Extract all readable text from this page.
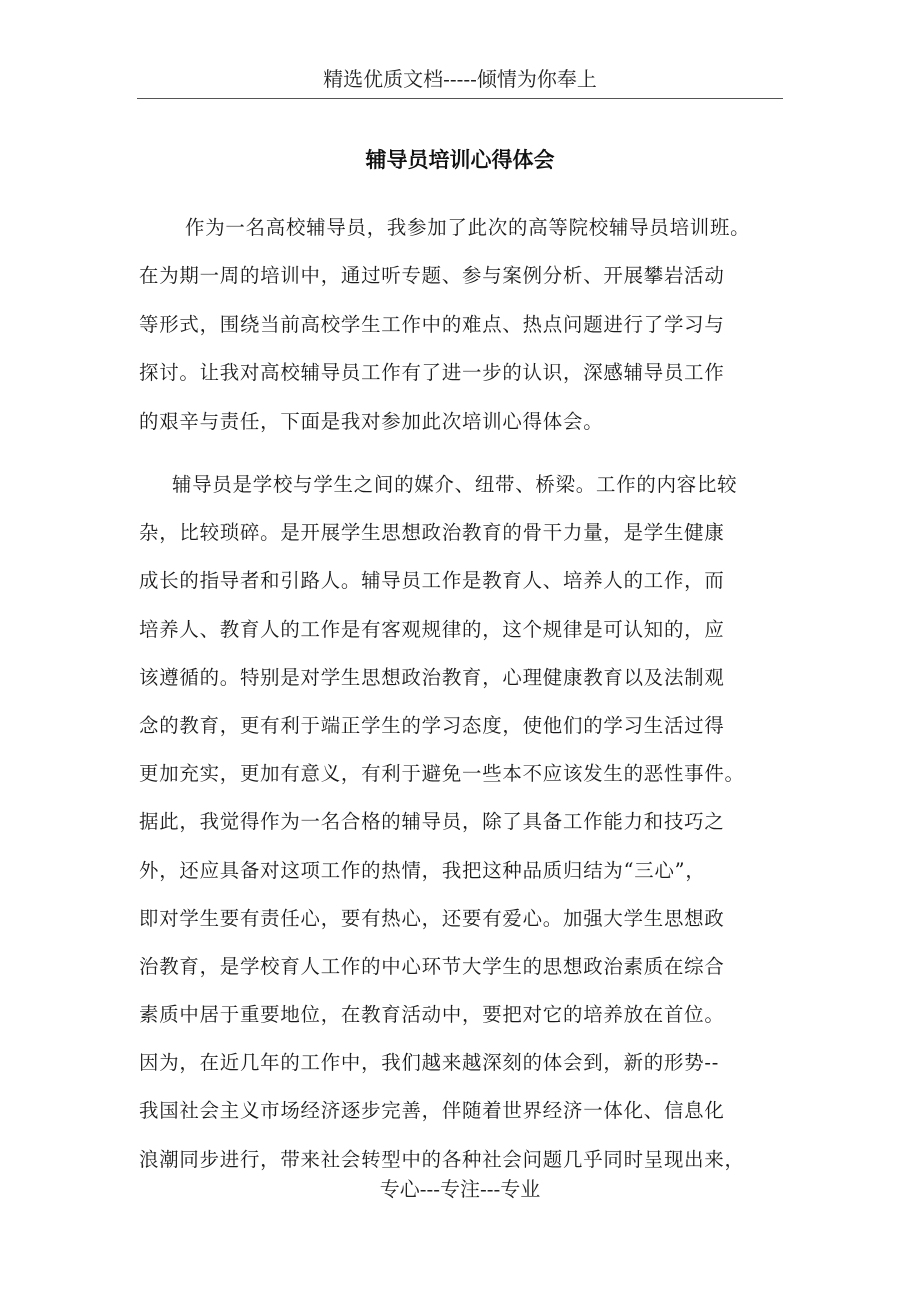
精选优质文档-----倾情为你奉上
辅导员培训心得体会
作为一名高校辅导员，我参加了此次的高等院校辅导员培训班。
在为期一周的培训中，通过听专题、参与案例分析、开展攀岩活动
等形式，围绕当前高校学生工作中的难点、热点问题进行了学习与
探讨。让我对高校辅导员工作有了进一步的认识，深感辅导员工作
的艰辛与责任，下面是我对参加此次培训心得体会。
辅导员是学校与学生之间的媒介、纽带、桥梁。工作的内容比较
杂，比较琐碎。是开展学生思想政治教育的骨干力量，是学生健康
成长的指导者和引路人。辅导员工作是教育人、培养人的工作，而
培养人、教育人的工作是有客观规律的，这个规律是可认知的，应
该遵循的。特别是对学生思想政治教育，心理健康教育以及法制观
念的教育，更有利于端正学生的学习态度，使他们的学习生活过得
更加充实，更加有意义，有利于避免一些本不应该发生的恶性事件。
据此，我觉得作为一名合格的辅导员，除了具备工作能力和技巧之
外，还应具备对这项工作的热情，我把这种品质归结为“三心”，
即对学生要有责任心，要有热心，还要有爱心。加强大学生思想政
治教育，是学校育人工作的中心环节大学生的思想政治素质在综合
素质中居于重要地位，在教育活动中，要把对它的培养放在首位。
因为，在近几年的工作中，我们越来越深刻的体会到，新的形势--
我国社会主义市场经济逐步完善，伴随着世界经济一体化、信息化
浪潮同步进行，带来社会转型中的各种社会问题几乎同时呈现出来，
专心---专注---专业
